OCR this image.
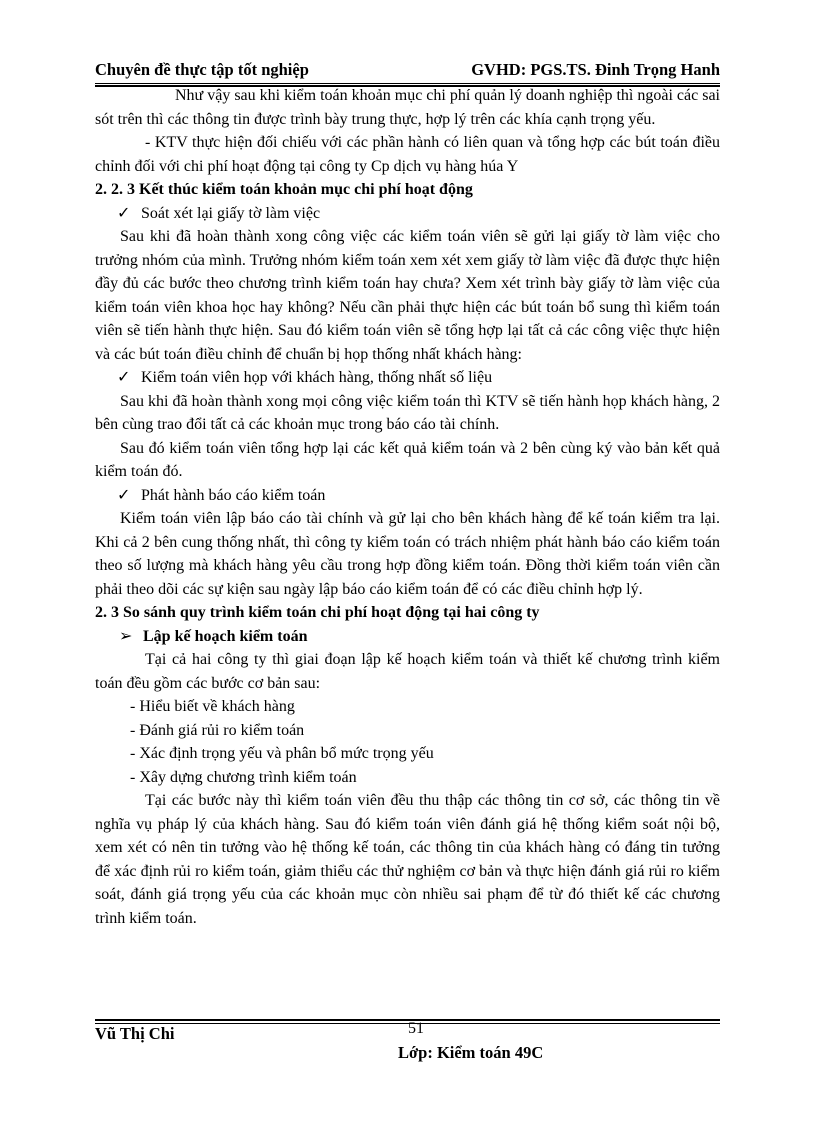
Chuyên đề thực tập tốt nghiệp	GVHD: PGS.TS. Đinh Trọng Hanh

Như vậy sau khi kiểm toán khoản mục chi phí quản lý doanh nghiệp thì ngoài các sai sót trên thì các thông tin được trình bày trung thực, hợp lý trên các khía cạnh trọng yếu.

- KTV thực hiện đối chiếu với các phần hành có liên quan và tổng hợp các bút toán điều chỉnh đối với chi phí hoạt động tại công ty Cp dịch vụ hàng húa Y

2. 2. 3 Kết thúc kiểm toán khoản mục chi phí hoạt động

✓ Soát xét lại giấy tờ làm việc

Sau khi đã hoàn thành xong công việc các kiểm toán viên sẽ gửi lại giấy tờ làm việc cho trưởng nhóm của mình. Trưởng nhóm kiểm toán xem xét xem giấy tờ làm việc đã được thực hiện đầy đủ các bước theo chương trình kiểm toán hay chưa? Xem xét trình bày giấy tờ làm việc của kiểm toán viên khoa học hay không? Nếu cần phải thực hiện các bút toán bổ sung thì kiểm toán viên sẽ tiến hành thực hiện. Sau đó kiểm toán viên sẽ tổng hợp lại tất cả các công việc thực hiện và các bút toán điều chỉnh để chuẩn bị họp thống nhất khách hàng:

✓ Kiểm toán viên họp với khách hàng, thống nhất số liệu

Sau khi đã hoàn thành xong mọi công việc kiểm toán thì KTV sẽ tiến hành họp khách hàng, 2 bên cùng trao đổi tất cả các khoản mục trong báo cáo tài chính.

Sau đó kiểm toán viên tổng hợp lại các kết quả kiểm toán và 2 bên cùng ký vào bản kết quả kiểm toán đó.

✓ Phát hành báo cáo kiểm toán

Kiểm toán viên lập báo cáo tài chính và gử lại cho bên khách hàng để kế toán kiểm tra lại. Khi cả 2 bên cung thống nhất, thì công ty kiểm toán có trách nhiệm phát hành báo cáo kiểm toán theo số lượng mà khách hàng yêu cầu trong hợp đồng kiểm toán. Đồng thời kiểm toán viên cần phải theo dõi các sự kiện sau ngày lập báo cáo kiểm toán để có các điều chỉnh hợp lý.

2. 3 So sánh quy trình kiểm toán chi phí hoạt động tại hai công ty

➢ Lập kế hoạch kiểm toán

Tại cả hai công ty thì giai đoạn lập kế hoạch kiểm toán và thiết kế chương trình kiểm toán đều gồm các bước cơ bản sau:

- Hiểu biết về khách hàng

- Đánh giá rủi ro kiểm toán

- Xác định trọng yếu và phân bổ mức trọng yếu

- Xây dựng chương trình kiểm toán

Tại các bước này thì kiểm toán viên đều thu thập các thông tin cơ sở, các thông tin về nghĩa vụ pháp lý của khách hàng. Sau đó kiểm toán viên đánh giá hệ thống kiểm soát nội bộ, xem xét có nên tin tưởng vào hệ thống kế toán, các thông tin của khách hàng có đáng tin tưởng để xác định rủi ro kiểm toán, giảm thiểu các thử nghiệm cơ bản và thực hiện đánh giá rủi ro kiểm soát, đánh giá trọng yếu của các khoản mục còn nhiều sai phạm để từ đó thiết kế các chương trình kiểm toán.

Vũ Thị Chi	51
Lớp: Kiểm toán 49C
